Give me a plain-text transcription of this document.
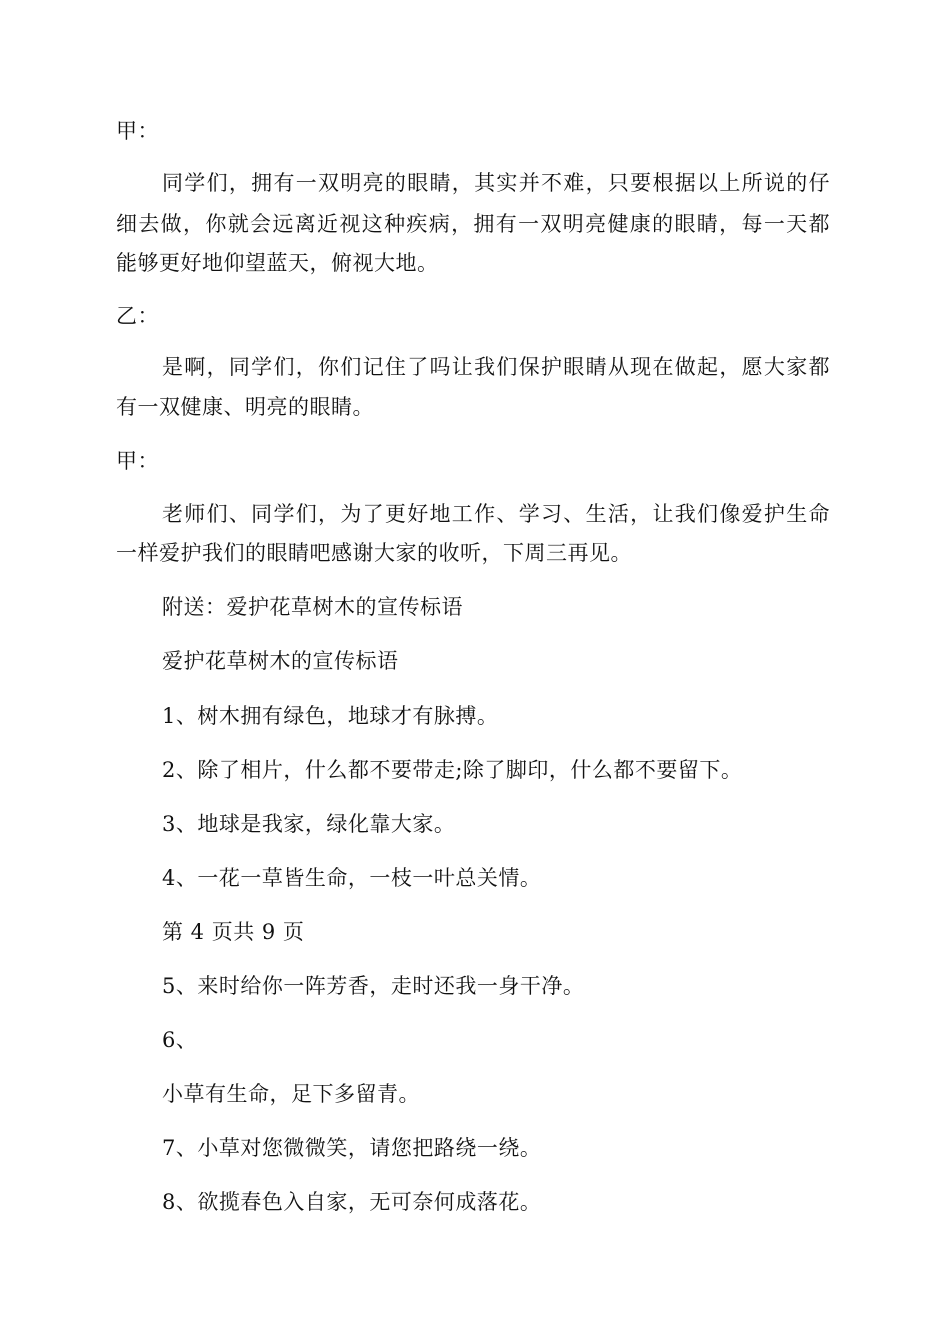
甲：
同学们，拥有一双明亮的眼睛，其实并不难，只要根据以上所说的仔
细去做，你就会远离近视这种疾病，拥有一双明亮健康的眼睛，每一天都
能够更好地仰望蓝天，俯视大地。
乙：
是啊，同学们，你们记住了吗让我们保护眼睛从现在做起，愿大家都
有一双健康、明亮的眼睛。
甲：
老师们、同学们，为了更好地工作、学习、生活，让我们像爱护生命
一样爱护我们的眼睛吧感谢大家的收听，下周三再见。
附送：爱护花草树木的宣传标语
爱护花草树木的宣传标语
1、树木拥有绿色，地球才有脉搏。
2、除了相片，什么都不要带走;除了脚印，什么都不要留下。
3、地球是我家，绿化靠大家。
4、一花一草皆生命，一枝一叶总关情。
第 4 页共 9 页
5、来时给你一阵芳香，走时还我一身干净。
6、
小草有生命，足下多留青。
7、小草对您微微笑，请您把路绕一绕。
8、欲揽春色入自家，无可奈何成落花。
